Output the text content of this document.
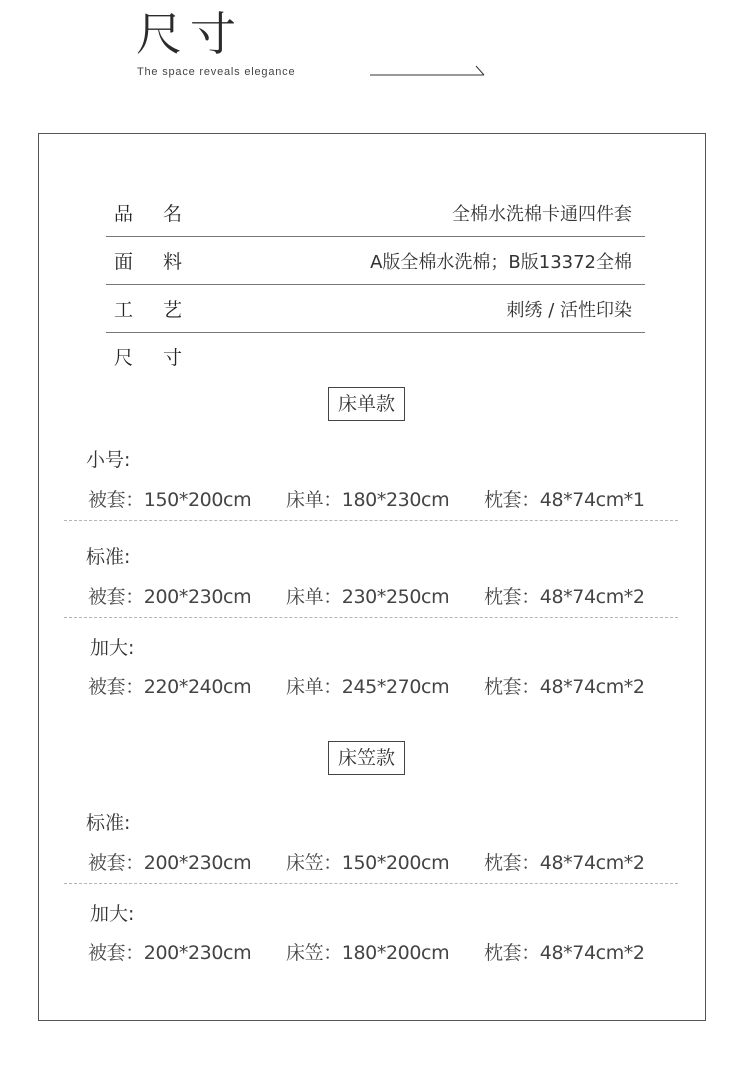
尺寸
The space reveals elegance
品名	全棉水洗棉卡通四件套
面料	A版全棉水洗棉；B版13372全棉
工艺	刺绣 / 活性印染
尺寸
床单款
小号:
被套：150*200cm 床单：180*230cm 枕套：48*74cm*1
标准:
被套：200*230cm 床单：230*250cm 枕套：48*74cm*2
加大:
被套：220*240cm 床单：245*270cm 枕套：48*74cm*2
床笠款
标准:
被套：200*230cm 床笠：150*200cm 枕套：48*74cm*2
加大:
被套：200*230cm 床笠：180*200cm 枕套：48*74cm*2
